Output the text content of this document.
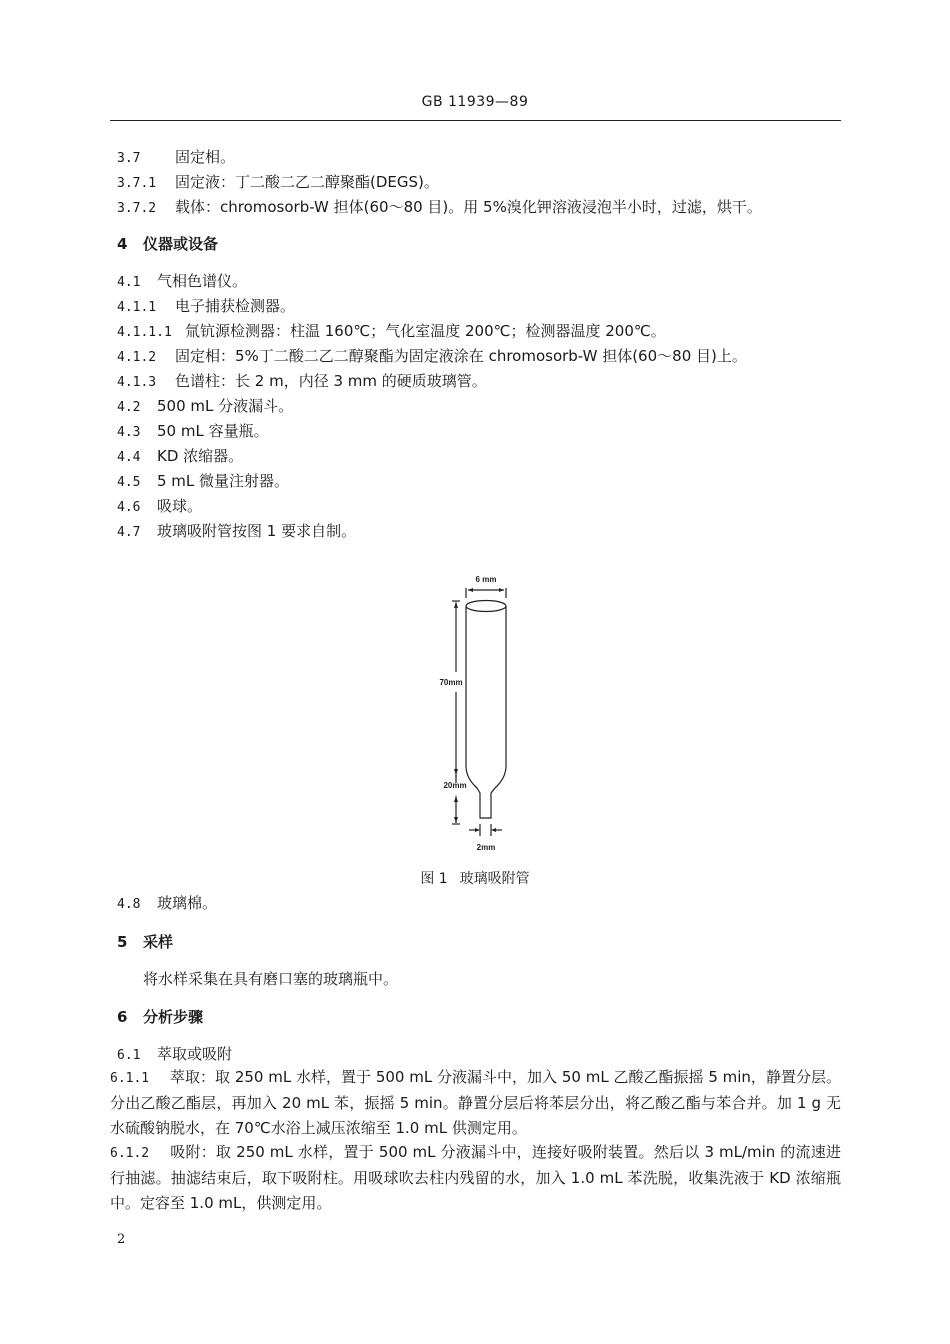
GB 11939—89
3.7 固定相。
3.7.1 固定液：丁二酸二乙二醇聚酯(DEGS)。
3.7.2 载体：chromosorb-W 担体(60～80 目)。用 5%溴化钾溶液浸泡半小时，过滤，烘干。
4 仪器或设备
4.1 气相色谱仪。
4.1.1 电子捕获检测器。
4.1.1.1 氚钪源检测器：柱温 160℃；气化室温度 200℃；检测器温度 200℃。
4.1.2 固定相：5%丁二酸二乙二醇聚酯为固定液涂在 chromosorb-W 担体(60～80 目)上。
4.1.3 色谱柱：长 2 m，内径 3 mm 的硬质玻璃管。
4.2 500 mL 分液漏斗。
4.3 50 mL 容量瓶。
4.4 KD 浓缩器。
4.5 5 mL 微量注射器。
4.6 吸球。
4.7 玻璃吸附管按图 1 要求自制。
6 mm
70mm
20mm
2mm
图 1 玻璃吸附管
4.8 玻璃棉。
5 采样
将水样采集在具有磨口塞的玻璃瓶中。
6 分析步骤
6.1 萃取或吸附
6.1.1 萃取：取 250 mL 水样，置于 500 mL 分液漏斗中，加入 50 mL 乙酸乙酯振摇 5 min，静置分层。分出乙酸乙酯层，再加入 20 mL 苯，振摇 5 min。静置分层后将苯层分出，将乙酸乙酯与苯合并。加 1 g 无水硫酸钠脱水，在 70℃水浴上减压浓缩至 1.0 mL 供测定用。
6.1.2 吸附：取 250 mL 水样，置于 500 mL 分液漏斗中，连接好吸附装置。然后以 3 mL/min 的流速进行抽滤。抽滤结束后，取下吸附柱。用吸球吹去柱内残留的水，加入 1.0 mL 苯洗脱，收集洗液于 KD 浓缩瓶中。定容至 1.0 mL，供测定用。
2
